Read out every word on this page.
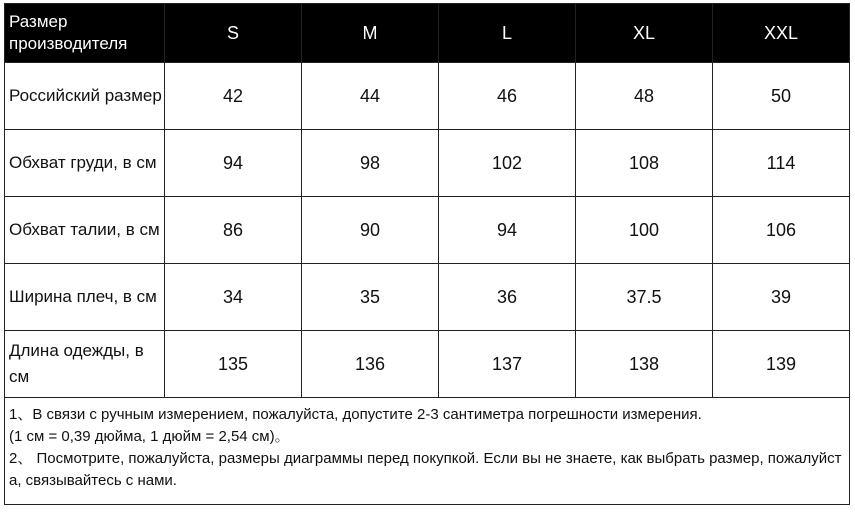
Размер производителя	S	M	L	XL	XXL
Российский размер	42	44	46	48	50
Обхват груди, в см	94	98	102	108	114
Обхват талии, в см	86	90	94	100	106
Ширина плеч, в см	34	35	36	37.5	39
Длина одежды, в см	135	136	137	138	139

1、В связи с ручным измерением, пожалуйста, допустите 2-3 сантиметра погрешности измерения.
(1 см = 0,39 дюйма, 1 дюйм = 2,54 см)。
2、 Посмотрите, пожалуйста, размеры диаграммы перед покупкой. Если вы не знаете, как выбрать размер, пожалуйст
а, связывайтесь с нами.					
